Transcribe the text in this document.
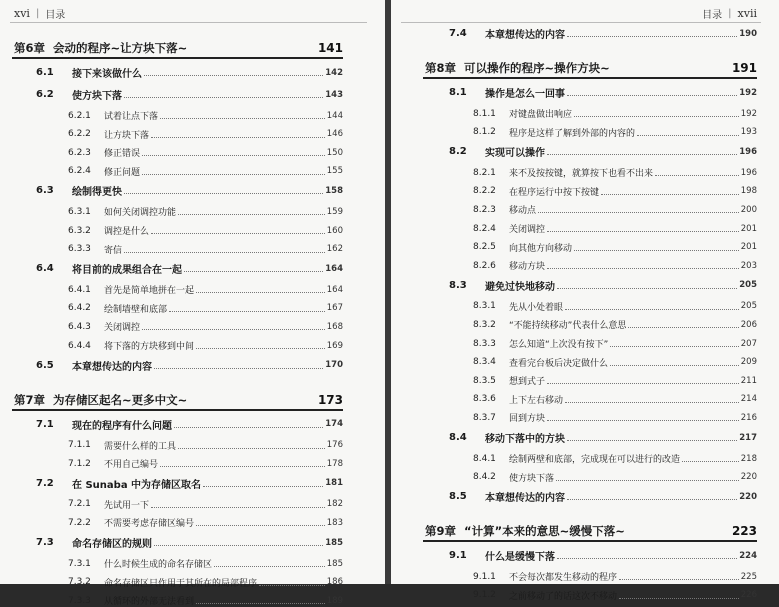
xvi | 目录
第6章 会动的程序~让方块下落~	141
6.1	接下来该做什么	142
6.2	使方块下落	143
6.2.1	试着让点下落	144
6.2.2	让方块下落	146
6.2.3	修正错误	150
6.2.4	修正问题	155
6.3	绘制得更快	158
6.3.1	如何关闭调控功能	159
6.3.2	调控是什么	160
6.3.3	寄信	162
6.4	将目前的成果组合在一起	164
6.4.1	首先是简单地拼在一起	164
6.4.2	绘制墙壁和底部	167
6.4.3	关闭调控	168
6.4.4	将下落的方块移到中间	169
6.5	本章想传达的内容	170
第7章 为存储区起名~更多中文~	173
7.1	现在的程序有什么问题	174
7.1.1	需要什么样的工具	176
7.1.2	不用自己编号	178
7.2	在 Sunaba 中为存储区取名	181
7.2.1	先试用一下	182
7.2.2	不需要考虑存储区编号	183
7.3	命名存储区的规则	185
7.3.1	什么时候生成的命名存储区	185
7.3.2	命名存储区只作用于其所在的局部程序	186
7.3.3	从循环的外部无法看到	189
目录 | xvii
7.4	本章想传达的内容	190
第8章 可以操作的程序~操作方块~	191
8.1	操作是怎么一回事	192
8.1.1	对键盘做出响应	192
8.1.2	程序是这样了解到外部的内容的	193
8.2	实现可以操作	196
8.2.1	来不及按按键，就算按下也看不出来	196
8.2.2	在程序运行中按下按键	198
8.2.3	移动点	200
8.2.4	关闭调控	201
8.2.5	向其他方向移动	201
8.2.6	移动方块	203
8.3	避免过快地移动	205
8.3.1	先从小处着眼	205
8.3.2	“不能持续移动”代表什么意思	206
8.3.3	怎么知道“上次没有按下”	207
8.3.4	查看完台板后决定做什么	209
8.3.5	想到式子	211
8.3.6	上下左右移动	214
8.3.7	回到方块	216
8.4	移动下落中的方块	217
8.4.1	绘制两壁和底部，完成现在可以进行的改造	218
8.4.2	使方块下落	220
8.5	本章想传达的内容	220
第9章 “计算”本来的意思~缓慢下落~	223
9.1	什么是缓慢下落	224
9.1.1	不会每次都发生移动的程序	225
9.1.2	之前移动了的话这次不移动	226
